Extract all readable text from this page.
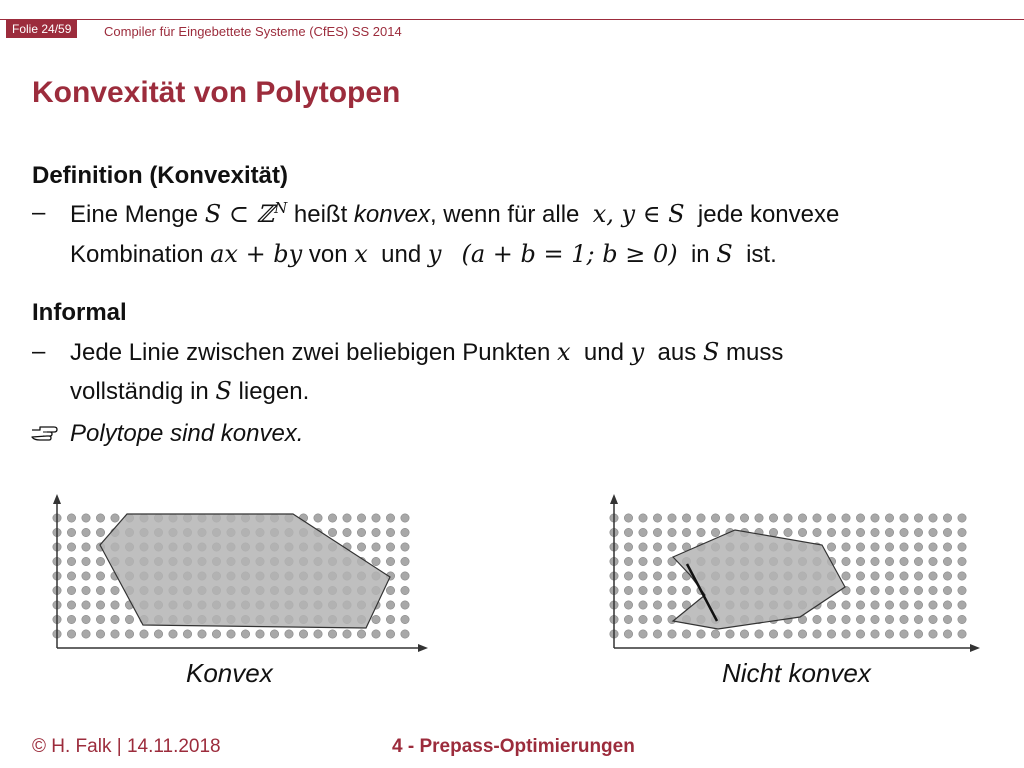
Folie 24/59	Compiler für Eingebettete Systeme (CfES) SS 2014
Konvexität von Polytopen
Definition (Konvexität)
– Eine Menge S ⊂ ℤ$^N$ heißt konvex, wenn für alle x, y ∈ S jede konvexe
Kombination ax + by von x und y (a + b = 1; b ≥ 0) in S ist.
Informal
– Jede Linie zwischen zwei beliebigen Punkten x und y aus S muss
vollständig in S liegen.
Polytope sind konvex.
Konvex	Nicht konvex
© H. Falk | 14.11.2018	4 - Prepass-Optimierungen
